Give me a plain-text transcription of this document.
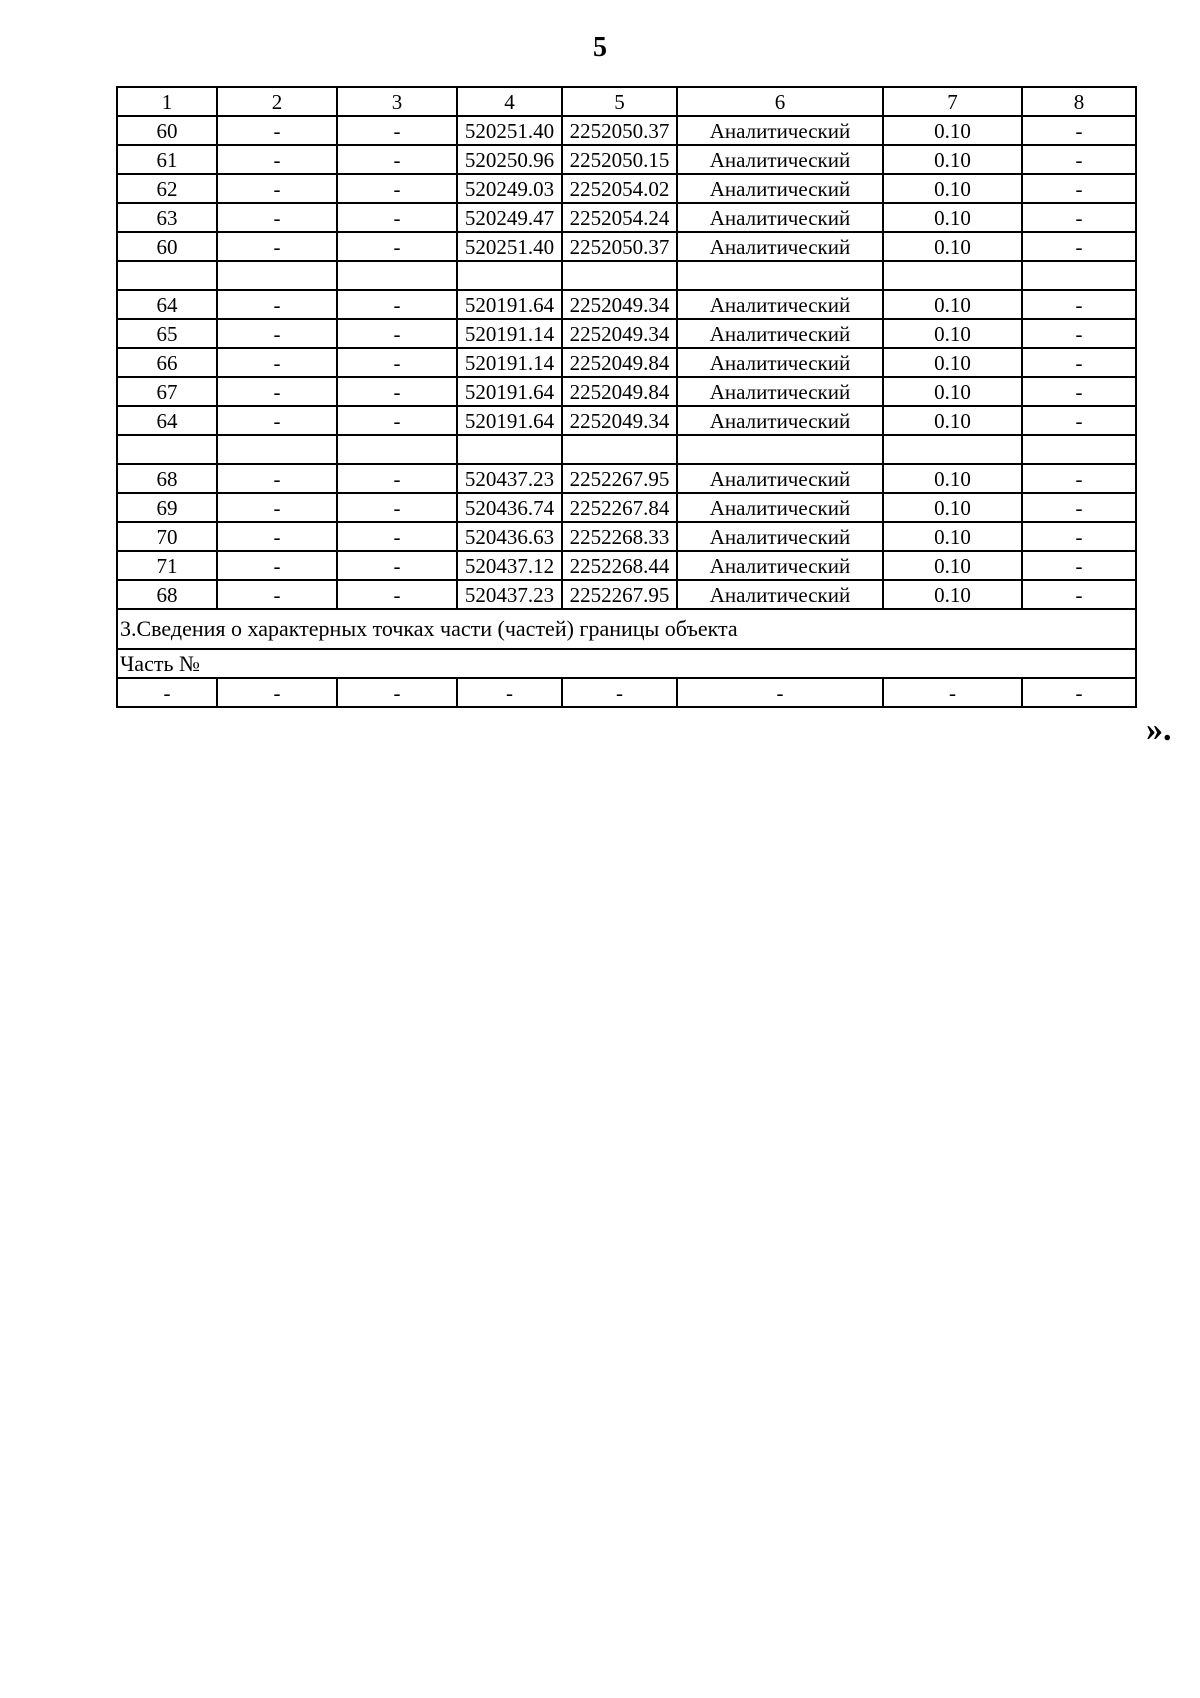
5
1	2	3	4	5	6	7	8
60	-	-	520251.40	2252050.37	Аналитический	0.10	-
61	-	-	520250.96	2252050.15	Аналитический	0.10	-
62	-	-	520249.03	2252054.02	Аналитический	0.10	-
63	-	-	520249.47	2252054.24	Аналитический	0.10	-
60	-	-	520251.40	2252050.37	Аналитический	0.10	-

64	-	-	520191.64	2252049.34	Аналитический	0.10	-
65	-	-	520191.14	2252049.34	Аналитический	0.10	-
66	-	-	520191.14	2252049.84	Аналитический	0.10	-
67	-	-	520191.64	2252049.84	Аналитический	0.10	-
64	-	-	520191.64	2252049.34	Аналитический	0.10	-

68	-	-	520437.23	2252267.95	Аналитический	0.10	-
69	-	-	520436.74	2252267.84	Аналитический	0.10	-
70	-	-	520436.63	2252268.33	Аналитический	0.10	-
71	-	-	520437.12	2252268.44	Аналитический	0.10	-
68	-	-	520437.23	2252267.95	Аналитический	0.10	-
3.Сведения о характерных точках части (частей) границы объекта							
Часть №							
-	-	-	-	-	-	-	-
».
